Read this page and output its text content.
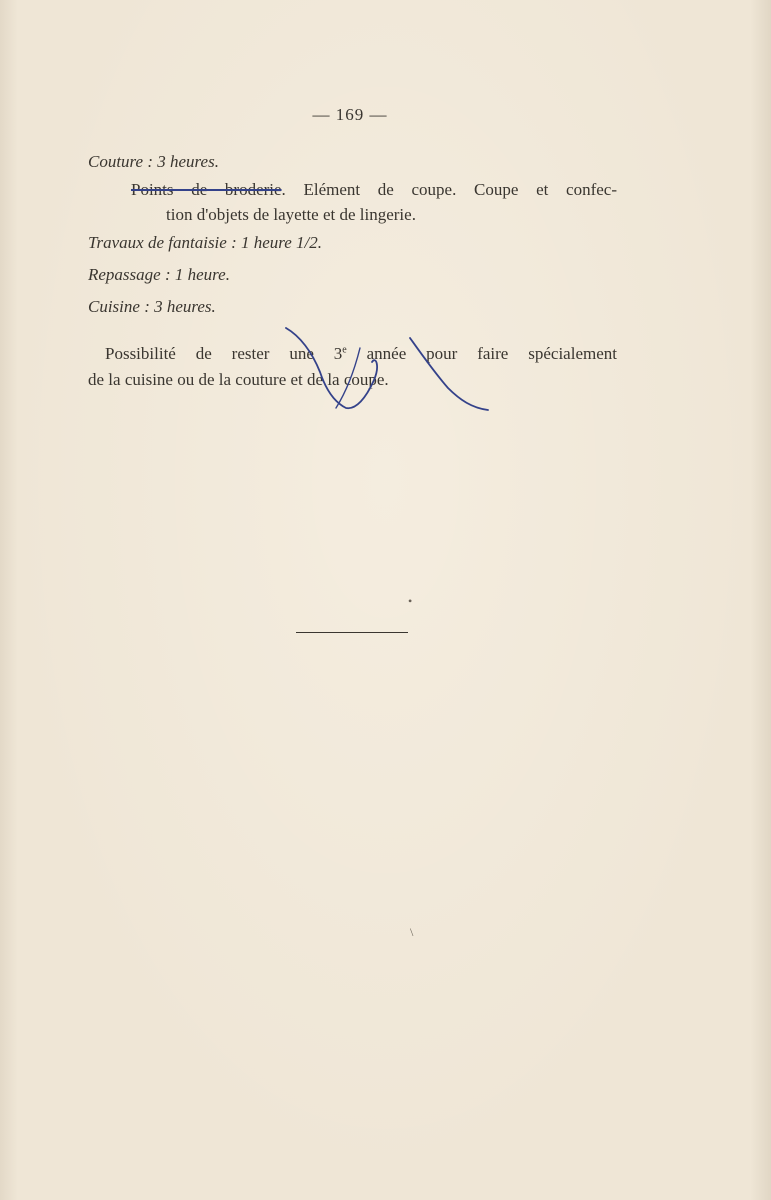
— 169 —
Couture : 3 heures.
Points de broderie. Elément de coupe. Coupe et confec-
tion d'objets de layette et de lingerie.
Travaux de fantaisie : 1 heure 1/2.
Repassage : 1 heure.
Cuisine : 3 heures.
Possibilité de rester une 3e année pour faire spécialement
de la cuisine ou de la couture et de la coupe.
•
\
